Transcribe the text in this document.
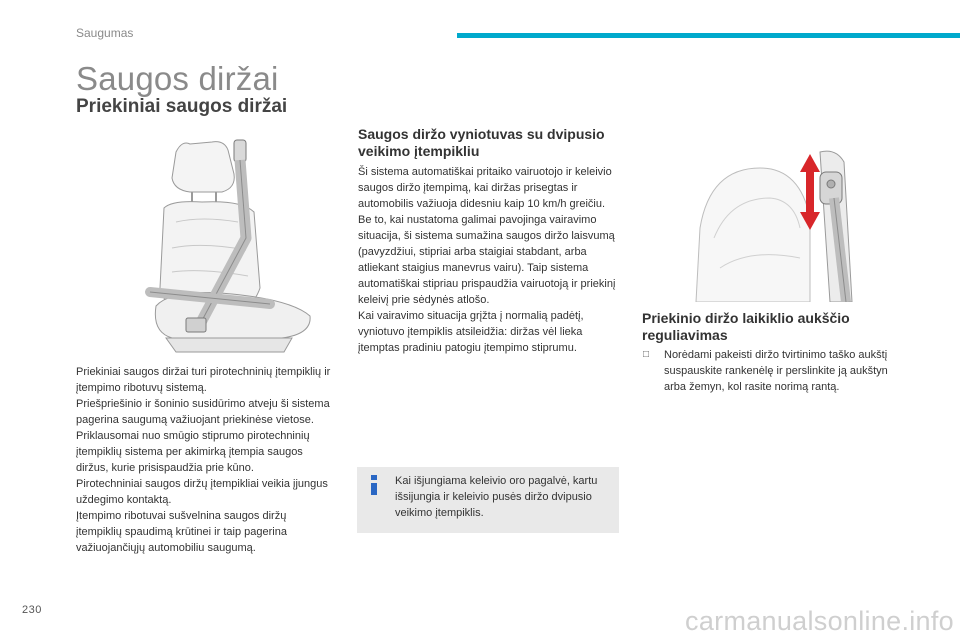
Saugumas
Saugos diržai
Priekiniai saugos diržai

Priekiniai saugos diržai turi pirotechninių įtempiklių ir įtempimo ribotuvų sistemą.

Priešpriešinio ir šoninio susidūrimo atveju ši sistema pagerina saugumą važiuojant priekinėse vietose. Priklausomai nuo smūgio stiprumo pirotechninių įtempiklių sistema per akimirką įtempia saugos diržus, kurie prisispaudžia prie kūno.

Pirotechniniai saugos diržų įtempikliai veikia įjungus uždegimo kontaktą.

Įtempimo ribotuvai sušvelnina saugos diržų įtempiklių spaudimą krūtinei ir taip pagerina važiuojančiųjų automobiliu saugumą.

Saugos diržo vyniotuvas su dvipusio veikimo įtempikliu

Ši sistema automatiškai pritaiko vairuotojo ir keleivio saugos diržo įtempimą, kai diržas prisegtas ir automobilis važiuoja didesniu kaip 10 km/h greičiu.

Be to, kai nustatoma galimai pavojinga vairavimo situacija, ši sistema sumažina saugos diržo laisvumą (pavyzdžiui, stipriai arba staigiai stabdant, arba atliekant staigius manevrus vairu). Taip sistema automatiškai stipriau prispaudžia vairuotoją ir priekinį keleivį prie sėdynės atlošo.

Kai vairavimo situacija grįžta į normalią padėtį, vyniotuvo įtempiklis atsileidžia: diržas vėl lieka įtemptas pradiniu patogiu įtempimo stiprumu.

Kai išjungiama keleivio oro pagalvė, kartu išsijungia ir keleivio pusės diržo dvipusio veikimo įtempiklis.
Priekinio diržo laikiklio aukščio reguliavimas
□ Norėdami pakeisti diržo tvirtinimo taško aukštį suspauskite rankenėlę ir perslinkite ją aukštyn arba žemyn, kol rasite norimą rantą.
230	carmanualsonline.info
